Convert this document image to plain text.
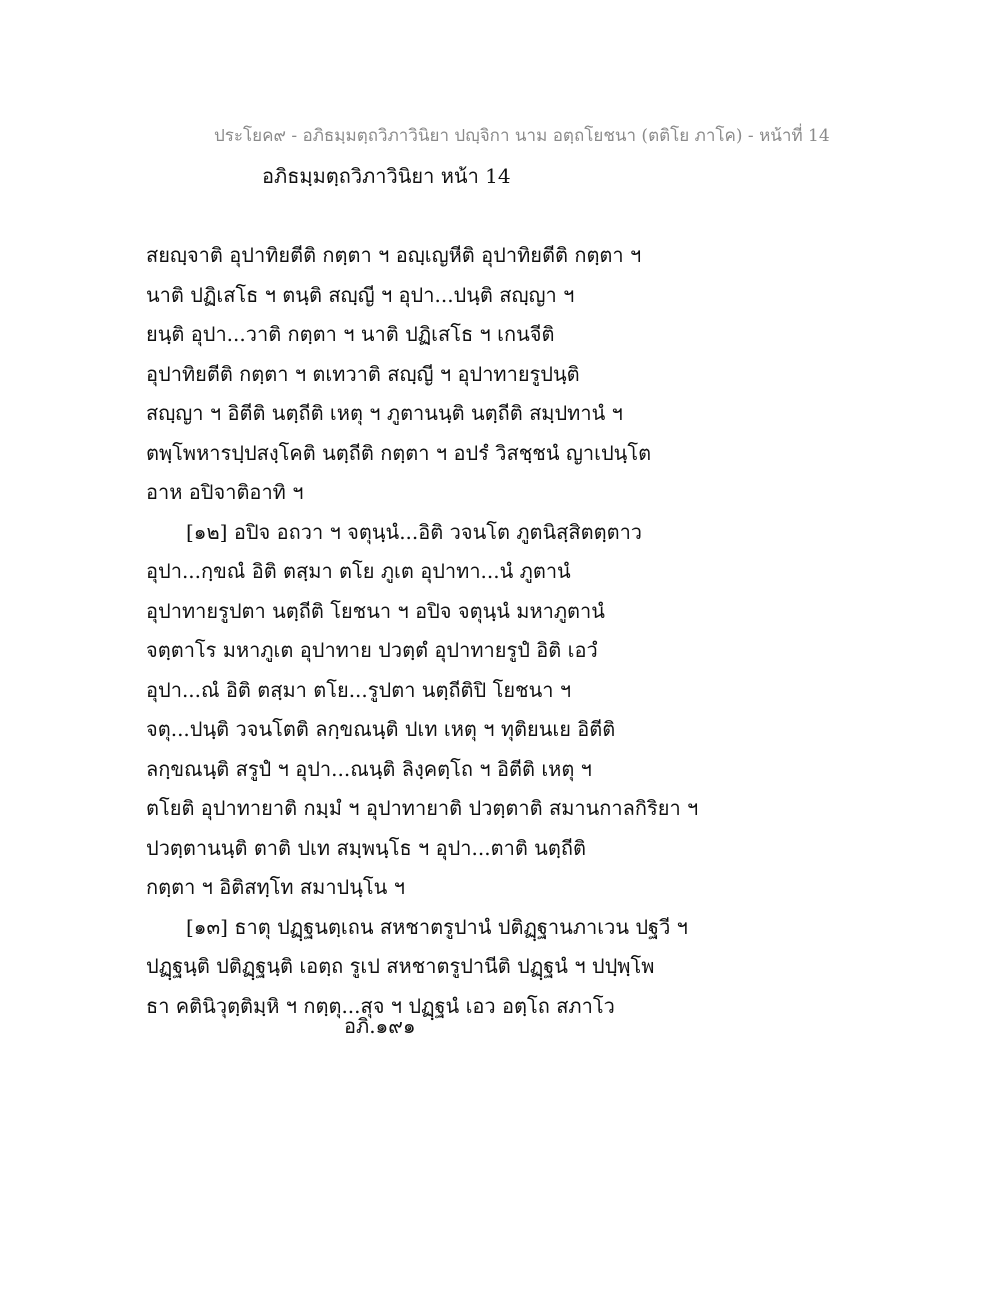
ประโยค๙ - อภิธมฺมตฺถวิภาวินิยา ปญฺจิกา นาม อตฺถโยชนา (ตติโย ภาโค) - หน้าที่ 14
อภิธมฺมตฺถวิภาวินิยา หน้า 14
สยญฺจาติ อุปาทิยตีติ กตฺตา ฯ อญฺเญหีติ อุปาทิยตีติ กตฺตา ฯ
นาติ ปฏิเสโธ ฯ ตนฺติ สญฺญี ฯ อุปา...ปนฺติ สญฺญา ฯ
ยนฺติ อุปา...วาติ กตฺตา ฯ นาติ ปฏิเสโธ ฯ เกนจีติ
อุปาทิยตีติ กตฺตา ฯ ตเทวาติ สญฺญี ฯ อุปาทายรูปนฺติ
สญฺญา ฯ อิตีติ นตฺถีติ เหตุ ฯ ภูตานนฺติ นตฺถีติ สมฺปทานํ ฯ
ตพฺโพหารปฺปสงฺโคติ นตฺถีติ กตฺตา ฯ อปรํ วิสชฺชนํ ญาเปนฺโต
อาห อปิจาติอาทิ ฯ
[๑๒] อปิจ อถวา ฯ จตุนฺนํ...อิติ วจนโต ภูตนิสฺสิตตฺตาว
อุปา...กฺขณํ อิติ ตสฺมา ตโย ภูเต อุปาทา...นํ ภูตานํ
อุปาทายรูปตา นตฺถีติ โยชนา ฯ อปิจ จตุนฺนํ มหาภูตานํ
จตฺตาโร มหาภูเต อุปาทาย ปวตฺตํ อุปาทายรูปํ อิติ เอวํ
อุปา...ณํ อิติ ตสฺมา ตโย...รูปตา นตฺถีติปิ โยชนา ฯ
จตุ...ปนฺติ วจนโตติ ลกฺขณนฺติ ปเท เหตุ ฯ ทุติยนเย อิตีติ
ลกฺขณนฺติ สรูปํ ฯ อุปา...ณนฺติ ลิงฺคตฺโถ ฯ อิตีติ เหตุ ฯ
ตโยติ อุปาทายาติ กมฺมํ ฯ อุปาทายาติ ปวตฺตาติ สมานกาลกิริยา ฯ
ปวตฺตานนฺติ ตาติ ปเท สมฺพนฺโธ ฯ อุปา...ตาติ นตฺถีติ
กตฺตา ฯ อิติสทฺโท สมาปนฺโน ฯ
[๑๓] ธาตุ ปฏฺฐนตฺเถน สหชาตรูปานํ ปติฏฺฐานภาเวน ปฐวี ฯ
ปฏฺฐนฺติ ปติฏฺฐนฺติ เอตฺถ รูเป สหชาตรูปานีติ ปฏฺฐนํ ฯ ปปฺพฺโพ
ธา คตินิวุตฺติมฺหิ ฯ กตฺตุ...สุจ ฯ ปฏฺฐนํ เอว อตฺโถ สภาโว
อภิ.๑๙๑
